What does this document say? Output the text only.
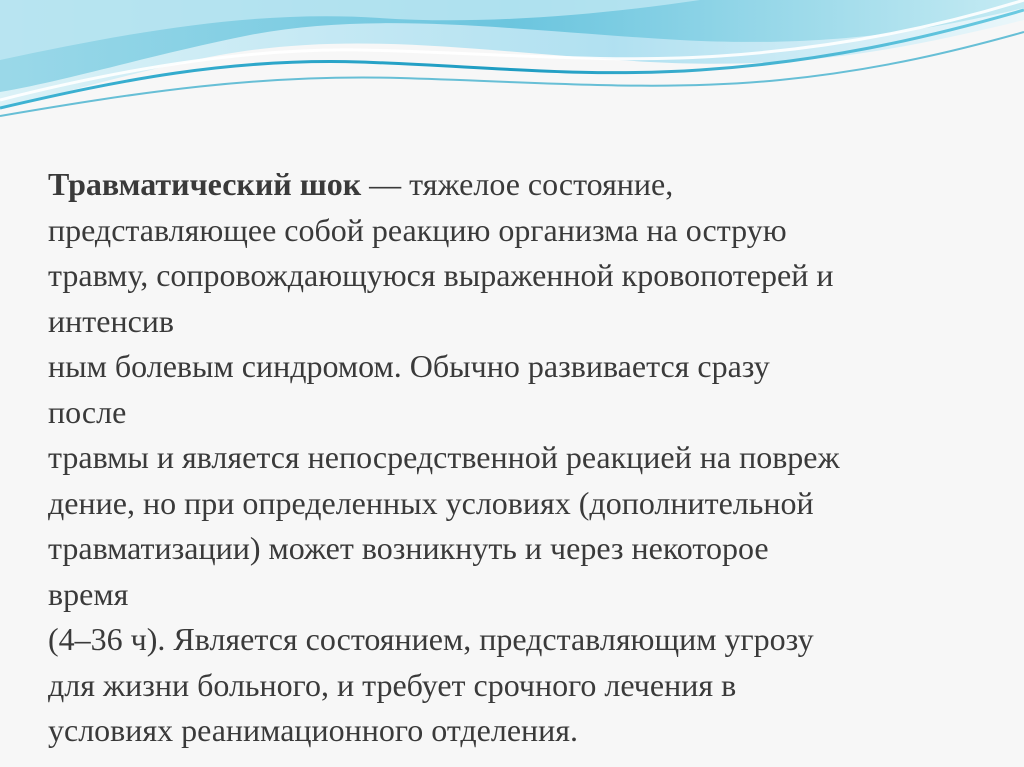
Травматический шок — тяжелое состояние,
представляющее собой реакцию организма на острую
травму, сопровождающуюся выраженной кровопотерей и
интенсив
ным болевым синдромом. Обычно развивается сразу
после
травмы и является непосредственной реакцией на повреж
дение, но при определенных условиях (дополнительной
травматизации) может возникнуть и через некоторое
время
(4–36 ч). Является состоянием, представляющим угрозу
для жизни больного, и требует срочного лечения в
условиях реанимационного отделения.
